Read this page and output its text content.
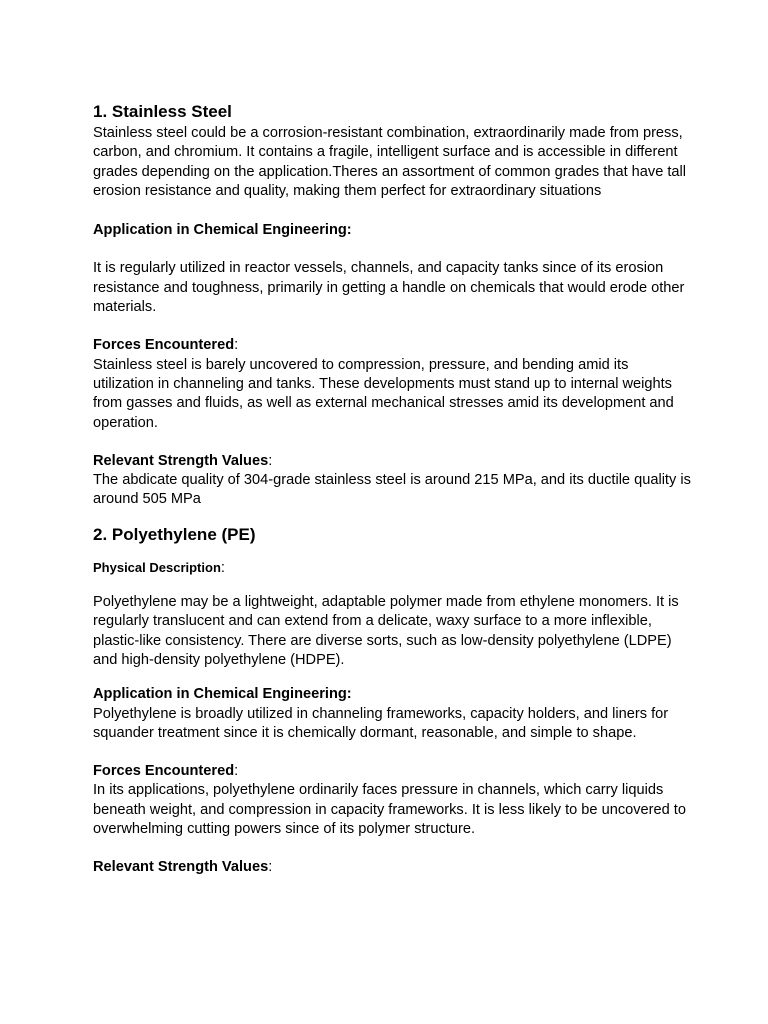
1. Stainless Steel

Stainless steel could be a corrosion-resistant combination, extraordinarily made from press, carbon, and chromium. It contains a fragile, intelligent surface and is accessible in different grades depending on the application.Theres an assortment of common grades that have tall erosion resistance and quality, making them perfect for extraordinary situations

Application in Chemical Engineering:

It is regularly utilized in reactor vessels, channels, and capacity tanks since of its erosion resistance and toughness, primarily in getting a handle on chemicals that would erode other materials.

Forces Encountered:

Stainless steel is barely uncovered to compression, pressure, and bending amid its utilization in channeling and tanks. These developments must stand up to internal weights from gasses and fluids, as well as external mechanical stresses amid its development and operation.

Relevant Strength Values:

The abdicate quality of 304-grade stainless steel is around 215 MPa, and its ductile quality is around 505 MPa

2. Polyethylene (PE)

Physical Description:

Polyethylene may be a lightweight, adaptable polymer made from ethylene monomers. It is regularly translucent and can extend from a delicate, waxy surface to a more inflexible, plastic-like consistency. There are diverse sorts, such as low-density polyethylene (LDPE) and high-density polyethylene (HDPE).

Application in Chemical Engineering:

Polyethylene is broadly utilized in channeling frameworks, capacity holders, and liners for squander treatment since it is chemically dormant, reasonable, and simple to shape.

Forces Encountered:

In its applications, polyethylene ordinarily faces pressure in channels, which carry liquids beneath weight, and compression in capacity frameworks. It is less likely to be uncovered to overwhelming cutting powers since of its polymer structure.

Relevant Strength Values:
